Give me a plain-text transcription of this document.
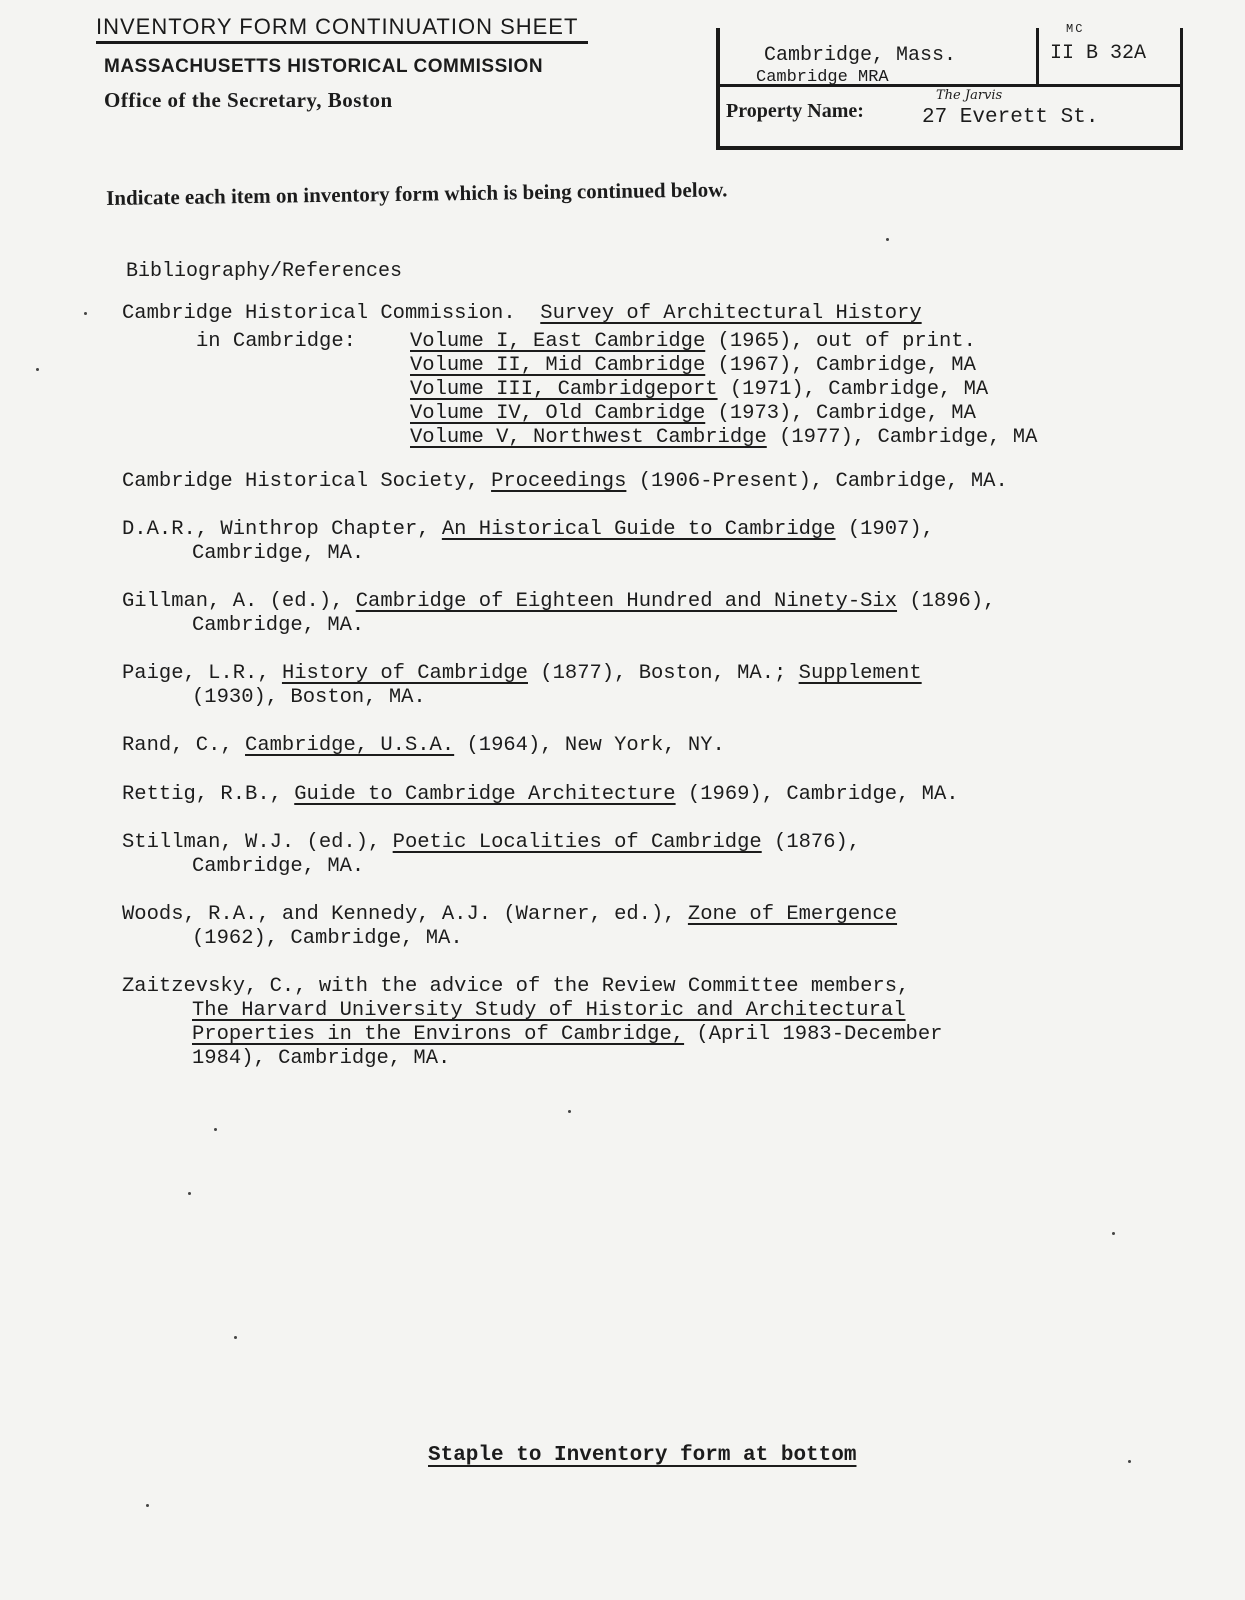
INVENTORY FORM CONTINUATION SHEET
MASSACHUSETTS HISTORICAL COMMISSION
Office of the Secretary, Boston
Cambridge, Mass.
Cambridge MRA
MC
II B 32A
Property Name:
The Jarvis
27 Everett St.
Indicate each item on inventory form which is being continued below.
Bibliography/References
Cambridge Historical Commission. Survey of Architectural History
in Cambridge:	Volume I, East Cambridge (1965), out of print.
Volume II, Mid Cambridge (1967), Cambridge, MA
Volume III, Cambridgeport (1971), Cambridge, MA
Volume IV, Old Cambridge (1973), Cambridge, MA
Volume V, Northwest Cambridge (1977), Cambridge, MA
Cambridge Historical Society, Proceedings (1906-Present), Cambridge, MA.
D.A.R., Winthrop Chapter, An Historical Guide to Cambridge (1907),
Cambridge, MA.
Gillman, A. (ed.), Cambridge of Eighteen Hundred and Ninety-Six (1896),
Cambridge, MA.
Paige, L.R., History of Cambridge (1877), Boston, MA.; Supplement
(1930), Boston, MA.
Rand, C., Cambridge, U.S.A. (1964), New York, NY.
Rettig, R.B., Guide to Cambridge Architecture (1969), Cambridge, MA.
Stillman, W.J. (ed.), Poetic Localities of Cambridge (1876),
Cambridge, MA.
Woods, R.A., and Kennedy, A.J. (Warner, ed.), Zone of Emergence
(1962), Cambridge, MA.
Zaitzevsky, C., with the advice of the Review Committee members,
The Harvard University Study of Historic and Architectural
Properties in the Environs of Cambridge, (April 1983-December
1984), Cambridge, MA.
Staple to Inventory form at bottom
